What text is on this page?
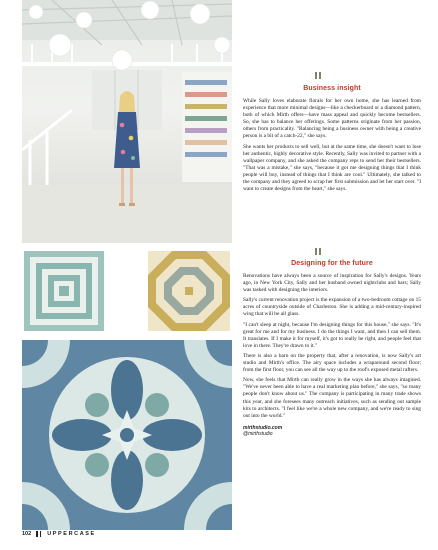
Business insight

While Sally loves elaborate florals for her own home, she has learned from experience that more minimal designs—like a checkerboard or a diamond pattern, both of which Mirth offers—have mass appeal and quickly become bestsellers. So, she has to balance her offerings. Some patterns originate from her passion, others from practicality. "Balancing being a business owner with being a creative person is a bit of a catch-22," she says.

She wants her products to sell well, but at the same time, she doesn't want to lose her authentic, highly decorative style. Recently, Sally was invited to partner with a wallpaper company, and she asked the company reps to send her their bestsellers. "That was a mistake," she says, "because it got me designing things that I think people will buy, instead of things that I think are cool." Ultimately, she talked to the company and they agreed to scrap her first submission and let her start over. "I want to create designs from the heart," she says.

Designing for the future

Renovations have always been a source of inspiration for Sally's designs. Years ago, in New York City, Sally and her husband owned nightclubs and bars; Sally was tasked with designing the interiors.

Sally's current renovation project is the expansion of a two-bedroom cottage on 15 acres of countryside outside of Charleston. She is adding a mid-century-inspired wing that will be all glass.

"I can't sleep at night, because I'm designing things for this house," she says. "It's great for me and for my business. I do the things I want, and then I can sell them. It translates. If I make it for myself, it's got to really be right, and people feel that love in there. They're drawn to it."

There is also a barn on the property that, after a renovation, is now Sally's art studio and Mirth's office. The airy space includes a wraparound second floor; from the first floor, you can see all the way up to the roof's exposed metal rafters.

Now, she feels that Mirth can really grow in the ways she has always imagined. "We've never been able to have a real marketing plan before," she says, "so many people don't know about us." The company is participating in many trade shows this year, and she foresees many outreach initiatives, such as sending out sample kits to architects. "I feel like we're a whole new company, and we're ready to sing out into the world."

mirthstudio.com
@mirthstudio
102	UPPERCASE
